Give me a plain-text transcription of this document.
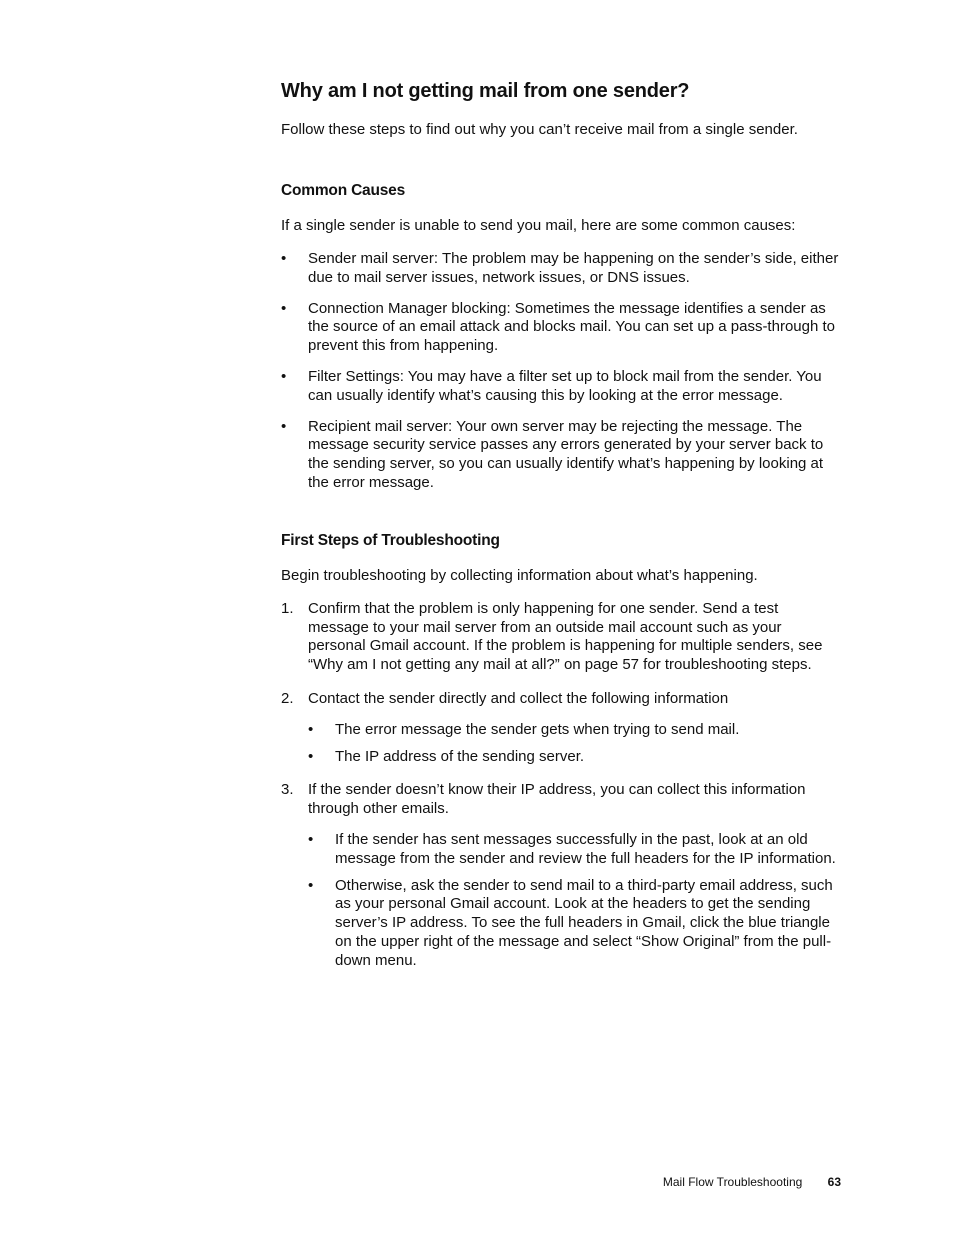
Why am I not getting mail from one sender?

Follow these steps to find out why you can’t receive mail from a single sender.

Common Causes

If a single sender is unable to send you mail, here are some common causes:

• Sender mail server: The problem may be happening on the sender’s side, either due to mail server issues, network issues, or DNS issues.
• Connection Manager blocking: Sometimes the message identifies a sender as the source of an email attack and blocks mail. You can set up a pass-through to prevent this from happening.
• Filter Settings: You may have a filter set up to block mail from the sender. You can usually identify what’s causing this by looking at the error message.
• Recipient mail server: Your own server may be rejecting the message. The message security service passes any errors generated by your server back to the sending server, so you can usually identify what’s happening by looking at the error message.
First Steps of Troubleshooting

Begin troubleshooting by collecting information about what’s happening.

1. Confirm that the problem is only happening for one sender. Send a test message to your mail server from an outside mail account such as your personal Gmail account. If the problem is happening for multiple senders, see “Why am I not getting any mail at all?” on page 57 for troubleshooting steps.
2. Contact the sender directly and collect the following information
• The error message the sender gets when trying to send mail.
• The IP address of the sending server.
3. If the sender doesn’t know their IP address, you can collect this information through other emails.
• If the sender has sent messages successfully in the past, look at an old message from the sender and review the full headers for the IP information.
• Otherwise, ask the sender to send mail to a third-party email address, such as your personal Gmail account. Look at the headers to get the sending server’s IP address. To see the full headers in Gmail, click the blue triangle on the upper right of the message and select “Show Original” from the pull-down menu.
Mail Flow Troubleshooting 63
